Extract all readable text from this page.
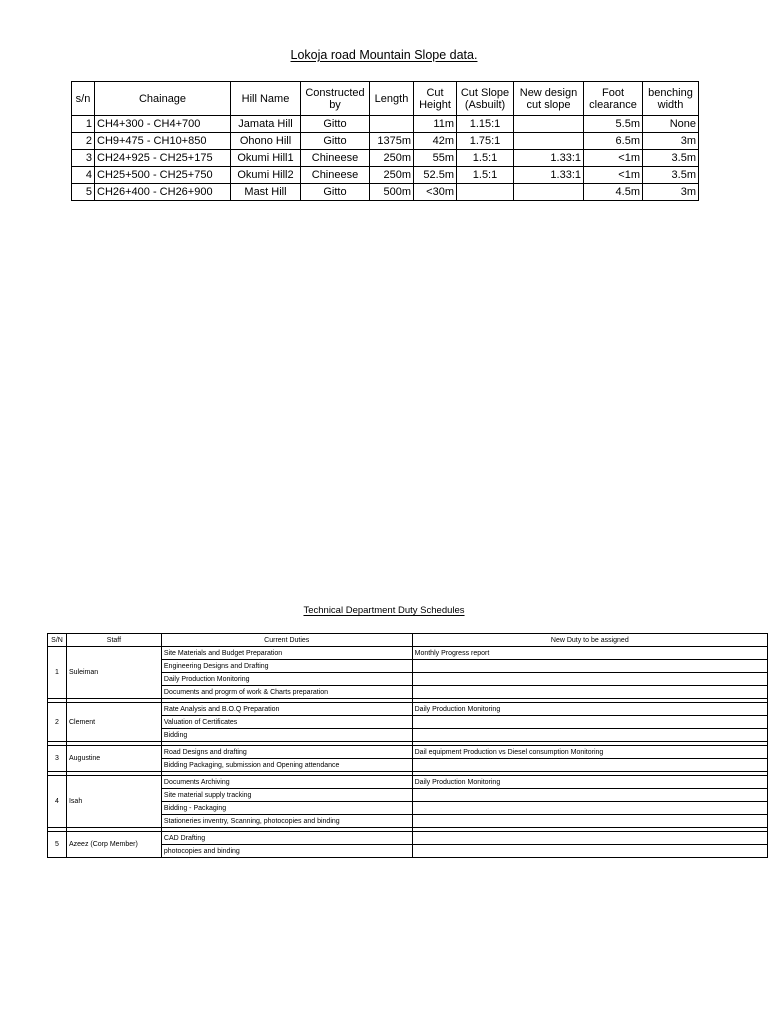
Lokoja road Mountain Slope data.
s/n	Chainage	Hill Name	Constructed by	Length	Cut Height	Cut Slope (Asbuilt)	New design cut slope	Foot clearance	benching width
1	CH4+300 - CH4+700	Jamata Hill	Gitto		11m	1.15:1		5.5m	None
2	CH9+475 - CH10+850	Ohono Hill	Gitto	1375m	42m	1.75:1		6.5m	3m
3	CH24+925 - CH25+175	Okumi Hill1	Chineese	250m	55m	1.5:1	1.33:1	<1m	3.5m
4	CH25+500 - CH25+750	Okumi Hill2	Chineese	250m	52.5m	1.5:1	1.33:1	<1m	3.5m
5	CH26+400 - CH26+900	Mast Hill	Gitto	500m	<30m			4.5m	3m
Technical Department Duty Schedules
S/N	Staff	Current Duties	New Duty to be assigned
1	Suleiman	Site Materials and Budget Preparation	Monthly Progress report
		Engineering Designs and Drafting	
		Daily Production Monitoring	
		Documents and progrm of work & Charts preparation	

2	Clement	Rate Analysis and B.O.Q Preparation	Daily Production Monitoring
		Valuation of Certificates	
		Bidding	

3	Augustine	Road Designs and drafting	Dail equipment Production vs Diesel consumption Monitoring
		Bidding Packaging, submission and Opening attendance	

4	Isah	Documents Archiving	Daily Production Monitoring
		Site material supply tracking	
		Bidding - Packaging	
		Stationeries inventry, Scanning, photocopies and binding	

5	Azeez (Corp Member)	CAD Drafting	
		photocopies and binding	
